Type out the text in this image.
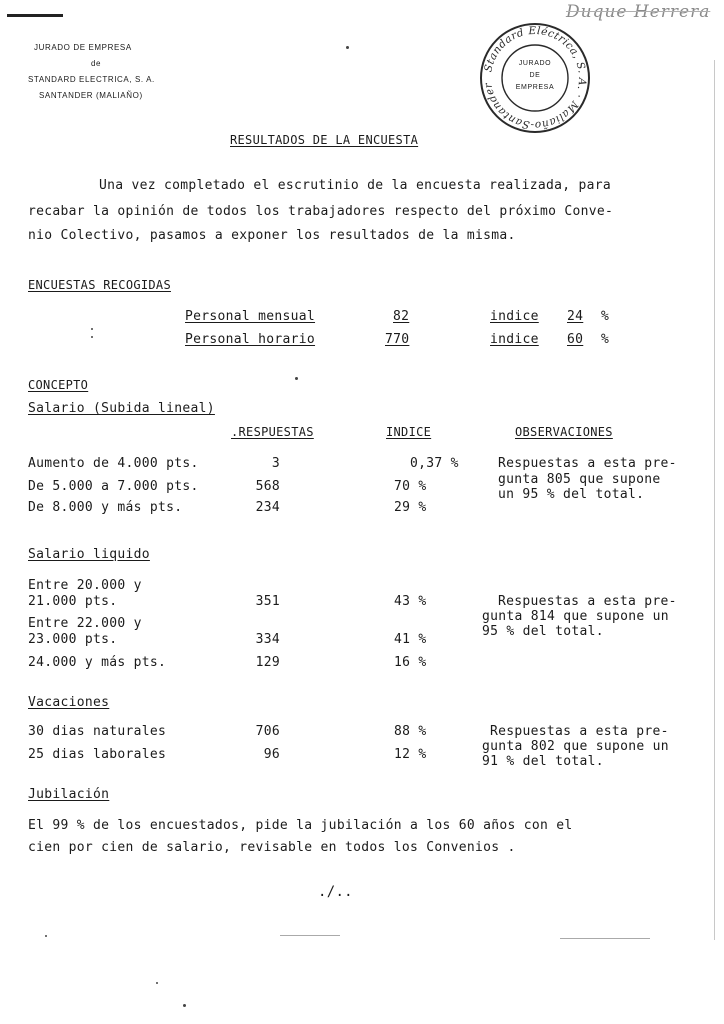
Duque Herrera
JURADO DE EMPRESA
de
STANDARD ELECTRICA, S. A.
SANTANDER (MALIAÑO)
Standard Eléctrica, S. A. · Maliaño-Santander
JURADO
DE
EMPRESA
RESULTADOS DE LA ENCUESTA
Una vez completado el escrutinio de la encuesta realizada, para
recabar la opinión de todos los trabajadores respecto del próximo Conve-
nio Colectivo, pasamos a exponer los resultados de la misma.
ENCUESTAS RECOGIDAS
Personal mensual	82	indice 24 %
Personal horario	770	indice 60 %
CONCEPTO
Salario (Subida lineal)
.RESPUESTAS	INDICE	OBSERVACIONES
Aumento de 4.000 pts.	3	0,37 %
De 5.000 a 7.000 pts.	568	70 %
De 8.000 y más pts.	234	29 %
Respuestas a esta pre-
gunta 805 que supone
un 95 % del total.
Salario liquido
Entre 20.000 y
21.000 pts.	351	43 %
Entre 22.000 y
23.000 pts.	334	41 %
24.000 y más pts.	129	16 %
Respuestas a esta pre-
gunta 814 que supone un
95 % del total.
Vacaciones
30 dias naturales	706	88 %
25 dias laborales	96	12 %
Respuestas a esta pre-
gunta 802 que supone un
91 % del total.
Jubilación
El 99 % de los encuestados, pide la jubilación a los 60 años con el
cien por cien de salario, revisable en todos los Convenios .
./..
